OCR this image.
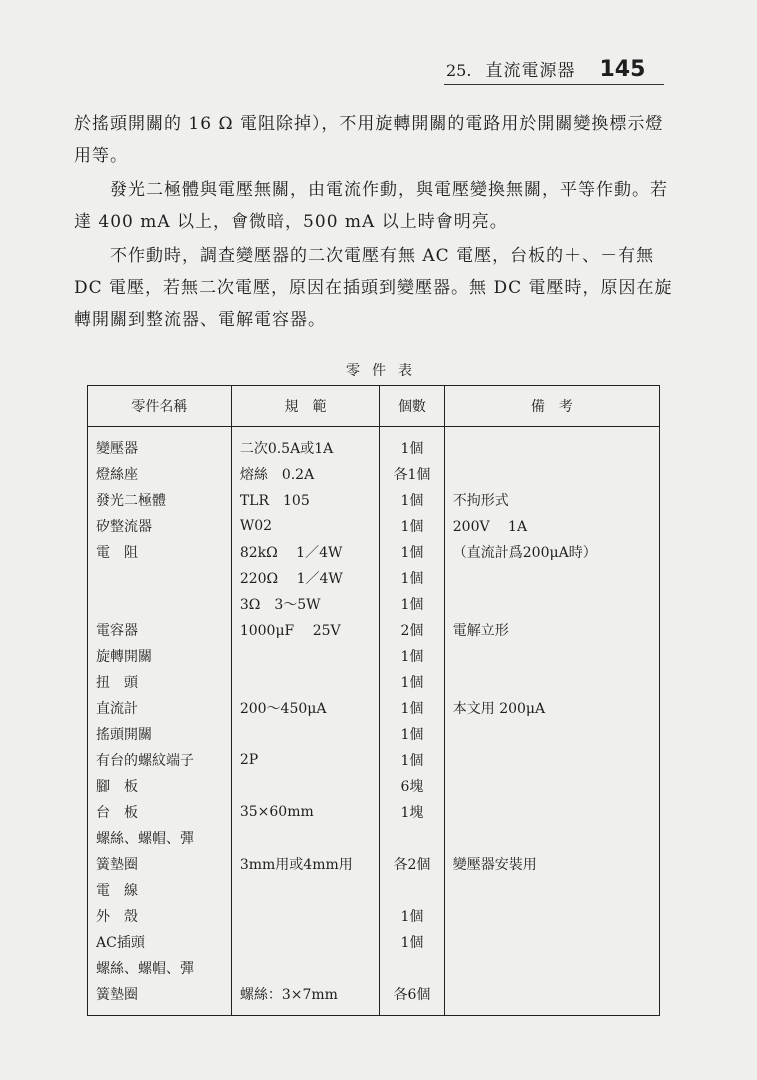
25. 直流電源器 145

於搖頭開關的 16 Ω 電阻除掉），不用旋轉開關的電路用於開關變換標示燈用等。

發光二極體與電壓無關，由電流作動，與電壓變換無關，平等作動。若達 400 mA 以上，會微暗，500 mA 以上時會明亮。

不作動時，調查變壓器的二次電壓有無 AC 電壓，台板的＋、－有無 DC 電壓，若無二次電壓，原因在插頭到變壓器。無 DC 電壓時，原因在旋轉開關到整流器、電解電容器。

零件表
零件名稱	規　範	個數	備　考
變壓器	二次0.5A或1A	1個	
燈絲座	熔絲　0.2A	各1個	
發光二極體	TLR　105	1個	不拘形式
矽整流器	W02	1個	200V　 1A
電　阻	82kΩ　 1／4W	1個	（直流計爲200μA時）
	220Ω　 1／4W	1個	
	3Ω　3～5W	1個	
電容器	1000μF　 25V	2個	電解立形
旋轉開關		1個	
扭　頭		1個	
直流計	200～450μA	1個	本文用 200μA
搖頭開關		1個	
有台的螺紋端子	2P	1個	
腳　板		6塊	
台　板	35×60mm	1塊	
螺絲、螺帽、彈			
簧墊圈	3mm用或4mm用	各2個	變壓器安裝用
電　線			
外　殼		1個	
AC插頭		1個	
螺絲、螺帽、彈			
簧墊圈	螺絲：3×7mm	各6個	
